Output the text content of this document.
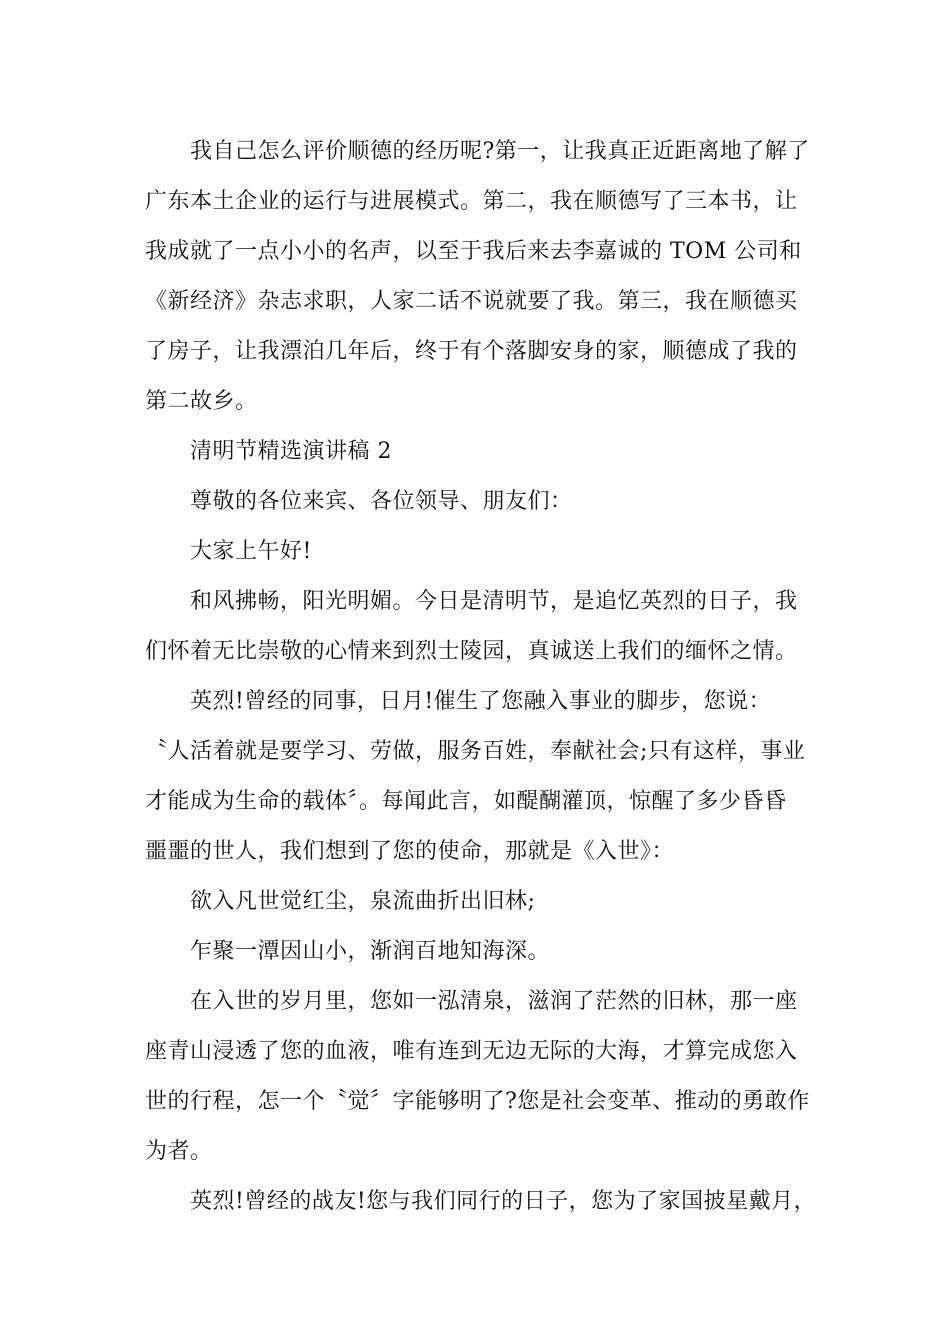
我自己怎么评价顺德的经历呢?第一，让我真正近距离地了解了
广东本土企业的运行与进展模式。第二，我在顺德写了三本书，让
我成就了一点小小的名声，以至于我后来去李嘉诚的 TOM 公司和
《新经济》杂志求职，人家二话不说就要了我。第三，我在顺德买
了房子，让我漂泊几年后，终于有个落脚安身的家，顺德成了我的
第二故乡。
清明节精选演讲稿 2
尊敬的各位来宾、各位领导、朋友们：
大家上午好!
和风拂畅，阳光明媚。今日是清明节，是追忆英烈的日子，我
们怀着无比崇敬的心情来到烈士陵园，真诚送上我们的缅怀之情。
英烈!曾经的同事，日月!催生了您融入事业的脚步，您说：
〝人活着就是要学习、劳做，服务百姓，奉献社会;只有这样，事业
才能成为生命的载体〞。每闻此言，如醍醐灌顶，惊醒了多少昏昏
噩噩的世人，我们想到了您的使命，那就是《入世》：
欲入凡世觉红尘，泉流曲折出旧林;
乍聚一潭因山小，渐润百地知海深。
在入世的岁月里，您如一泓清泉，滋润了茫然的旧林，那一座
座青山浸透了您的血液，唯有连到无边无际的大海，才算完成您入
世的行程，怎一个〝觉〞字能够明了?您是社会变革、推动的勇敢作
为者。
英烈!曾经的战友!您与我们同行的日子，您为了家国披星戴月，
